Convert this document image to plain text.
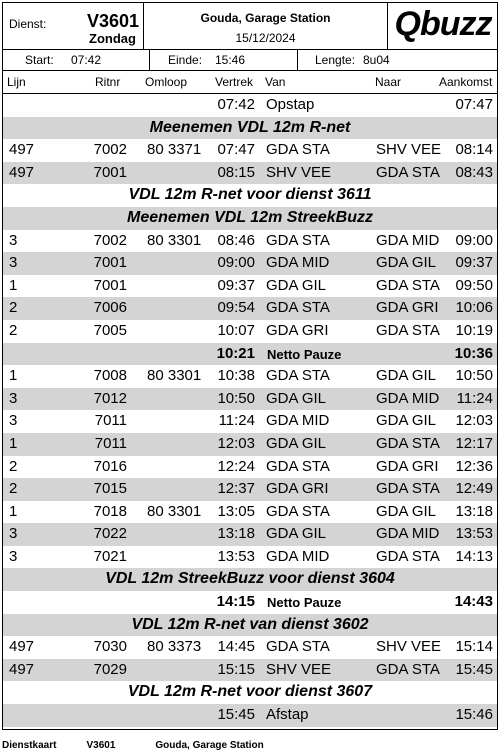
Dienst: V3601
Zondag
Gouda, Garage Station
15/12/2024	Qbuzz
Start: 07:42	Einde: 15:46	Lengte: 8u04
Lijn	Ritnr Omloop Vertrek Van	Naar	Aankomst
07:42 Opstap	07:47
Meenemen VDL 12m R-net
497	7002 80 3371	07:47 GDA STA	SHV VEE 08:14
497	7001	08:15 SHV VEE	GDA STA	08:43
VDL 12m R-net voor dienst 3611
Meenemen VDL 12m StreekBuzz
3	7002 80 3301	08:46 GDA STA	GDA MID	09:00
3	7001	09:00 GDA MID	GDA GIL	09:37
1	7001	09:37 GDA GIL	GDA STA	09:50
2	7006	09:54 GDA STA	GDA GRI	10:06
2	7005	10:07 GDA GRI	GDA STA	10:19
10:21 Netto Pauze	10:36
1	7008 80 3301	10:38 GDA STA	GDA GIL	10:50
3	7012	10:50 GDA GIL	GDA MID	11:24
3	7011	11:24 GDA MID	GDA GIL	12:03
1	7011	12:03 GDA GIL	GDA STA	12:17
2	7016	12:24 GDA STA	GDA GRI	12:36
2	7015	12:37 GDA GRI	GDA STA	12:49
1	7018 80 3301	13:05 GDA STA	GDA GIL	13:18
3	7022	13:18 GDA GIL	GDA MID	13:53
3	7021	13:53 GDA MID	GDA STA	14:13
VDL 12m StreekBuzz voor dienst 3604
14:15 Netto Pauze	14:43
VDL 12m R-net van dienst 3602
497	7030 80 3373	14:45 GDA STA	SHV VEE 15:14
497	7029	15:15 SHV VEE	GDA STA	15:45
VDL 12m R-net voor dienst 3607
15:45 Afstap	15:46
Dienstkaart	V3601	Gouda, Garage Station
